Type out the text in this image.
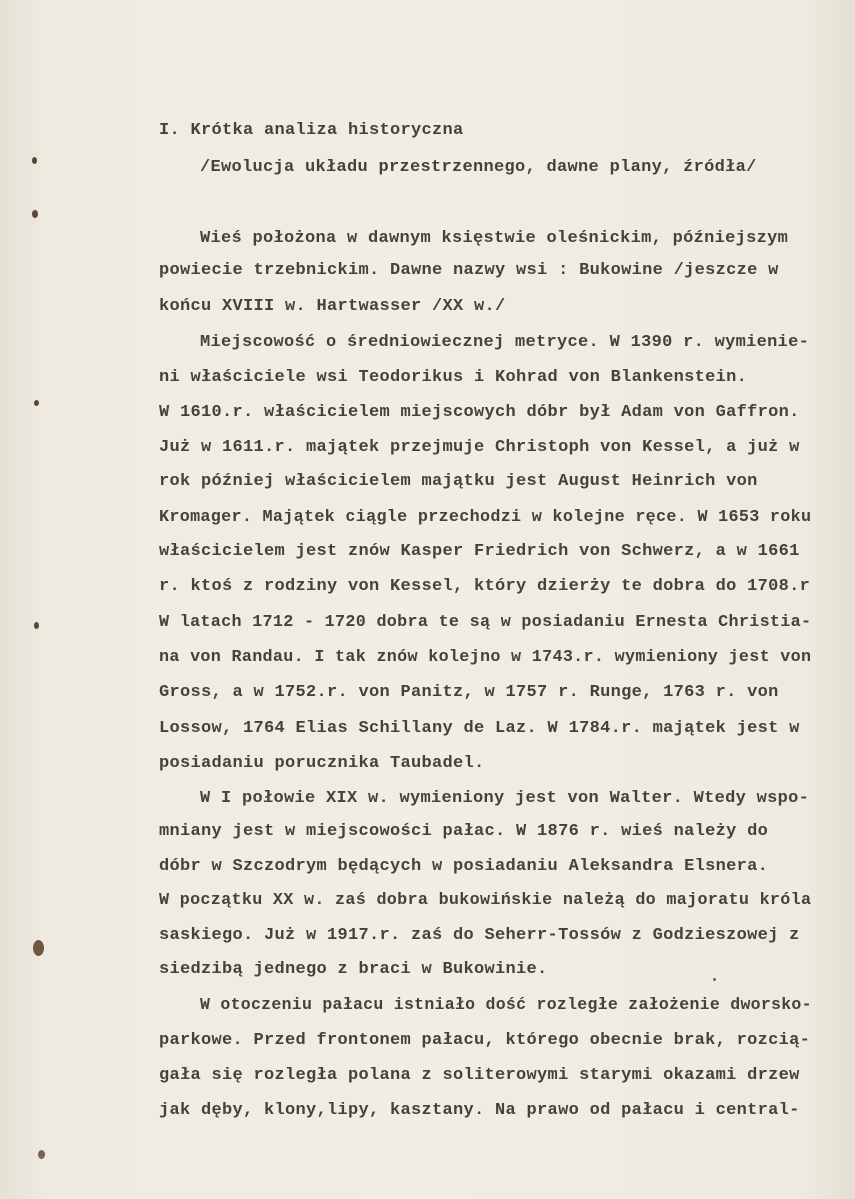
I. Krótka analiza historyczna
/Ewolucja układu przestrzennego, dawne plany, źródła/
Wieś położona w dawnym księstwie oleśnickim, późniejszym
powiecie trzebnickim. Dawne nazwy wsi : Bukowine /jeszcze w
końcu XVIII w. Hartwasser /XX w./
Miejscowość o średniowiecznej metryce. W 1390 r. wymienie-
ni właściciele wsi Teodorikus i Kohrad von Blankenstein.
W 1610.r. właścicielem miejscowych dóbr był Adam von Gaffron.
Już w 1611.r. majątek przejmuje Christoph von Kessel, a już w
rok później właścicielem majątku jest August Heinrich von
Kromager. Majątek ciągle przechodzi w kolejne ręce. W 1653 roku
właścicielem jest znów Kasper Friedrich von Schwerz, a w 1661
r. ktoś z rodziny von Kessel, który dzierży te dobra do 1708.r
W latach 1712 - 1720 dobra te są w posiadaniu Ernesta Christia-
na von Randau. I tak znów kolejno w 1743.r. wymieniony jest von
Gross, a w 1752.r. von Panitz, w 1757 r. Runge, 1763 r. von
Lossow, 1764 Elias Schillany de Laz. W 1784.r. majątek jest w
posiadaniu porucznika Taubadel.
W I połowie XIX w. wymieniony jest von Walter. Wtedy wspo-
mniany jest w miejscowości pałac. W 1876 r. wieś należy do
dóbr w Szczodrym będących w posiadaniu Aleksandra Elsnera.
W początku XX w. zaś dobra bukowińskie należą do majoratu króla
saskiego. Już w 1917.r. zaś do Seherr-Tossów z Godzieszowej z
siedzibą jednego z braci w Bukowinie.
W otoczeniu pałacu istniało dość rozległe założenie dworsko-
parkowe. Przed frontonem pałacu, którego obecnie brak, rozcią-
gała się rozległa polana z soliterowymi starymi okazami drzew
jak dęby, klony,lipy, kasztany. Na prawo od pałacu i central-
